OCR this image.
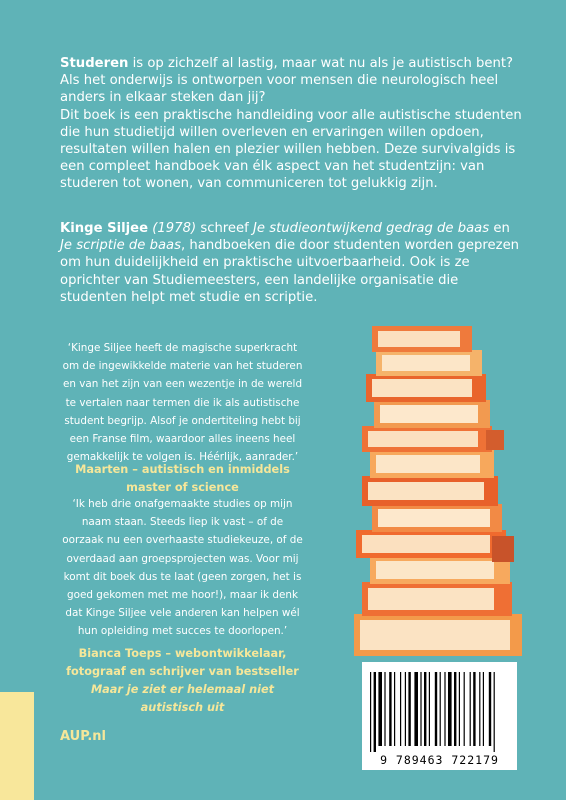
Studeren is op zichzelf al lastig, maar wat nu als je autistisch bent? Als het onderwijs is ontworpen voor mensen die neurologisch heel anders in elkaar steken dan jij?

Dit boek is een praktische handleiding voor alle autistische studenten die hun studietijd willen overleven en ervaringen willen opdoen, resultaten willen halen en plezier willen hebben. Deze survivalgids is een compleet handboek van élk aspect van het studentzijn: van studeren tot wonen, van communiceren tot gelukkig zijn.

Kinge Siljee (1978) schreef Je studieontwijkend gedrag de baas en Je scriptie de baas, handboeken die door studenten worden geprezen om hun duidelijkheid en praktische uitvoerbaarheid. Ook is ze oprichter van Studiemeesters, een landelijke organisatie die studenten helpt met studie en scriptie.

‘Kinge Siljee heeft de magische superkracht om de ingewikkelde materie van het studeren en van het zijn van een wezentje in de wereld te vertalen naar termen die ik als autistische student begrijp. Alsof je ondertiteling hebt bij een Franse film, waardoor alles ineens heel gemakkelijk te volgen is. Héérlijk, aanrader.’

Maarten – autistisch en inmiddels master of science

‘Ik heb drie onafgemaakte studies op mijn naam staan. Steeds liep ik vast – of de oorzaak nu een overhaaste studiekeuze, of de overdaad aan groepsprojecten was. Voor mij komt dit boek dus te laat (geen zorgen, het is goed gekomen met me hoor!), maar ik denk dat Kinge Siljee vele anderen kan helpen wél hun opleiding met succes te doorlopen.’

Bianca Toeps – webontwikkelaar, fotograaf en schrijver van bestseller Maar je ziet er helemaal niet autistisch uit

AUP.nl
9 789463 722179
